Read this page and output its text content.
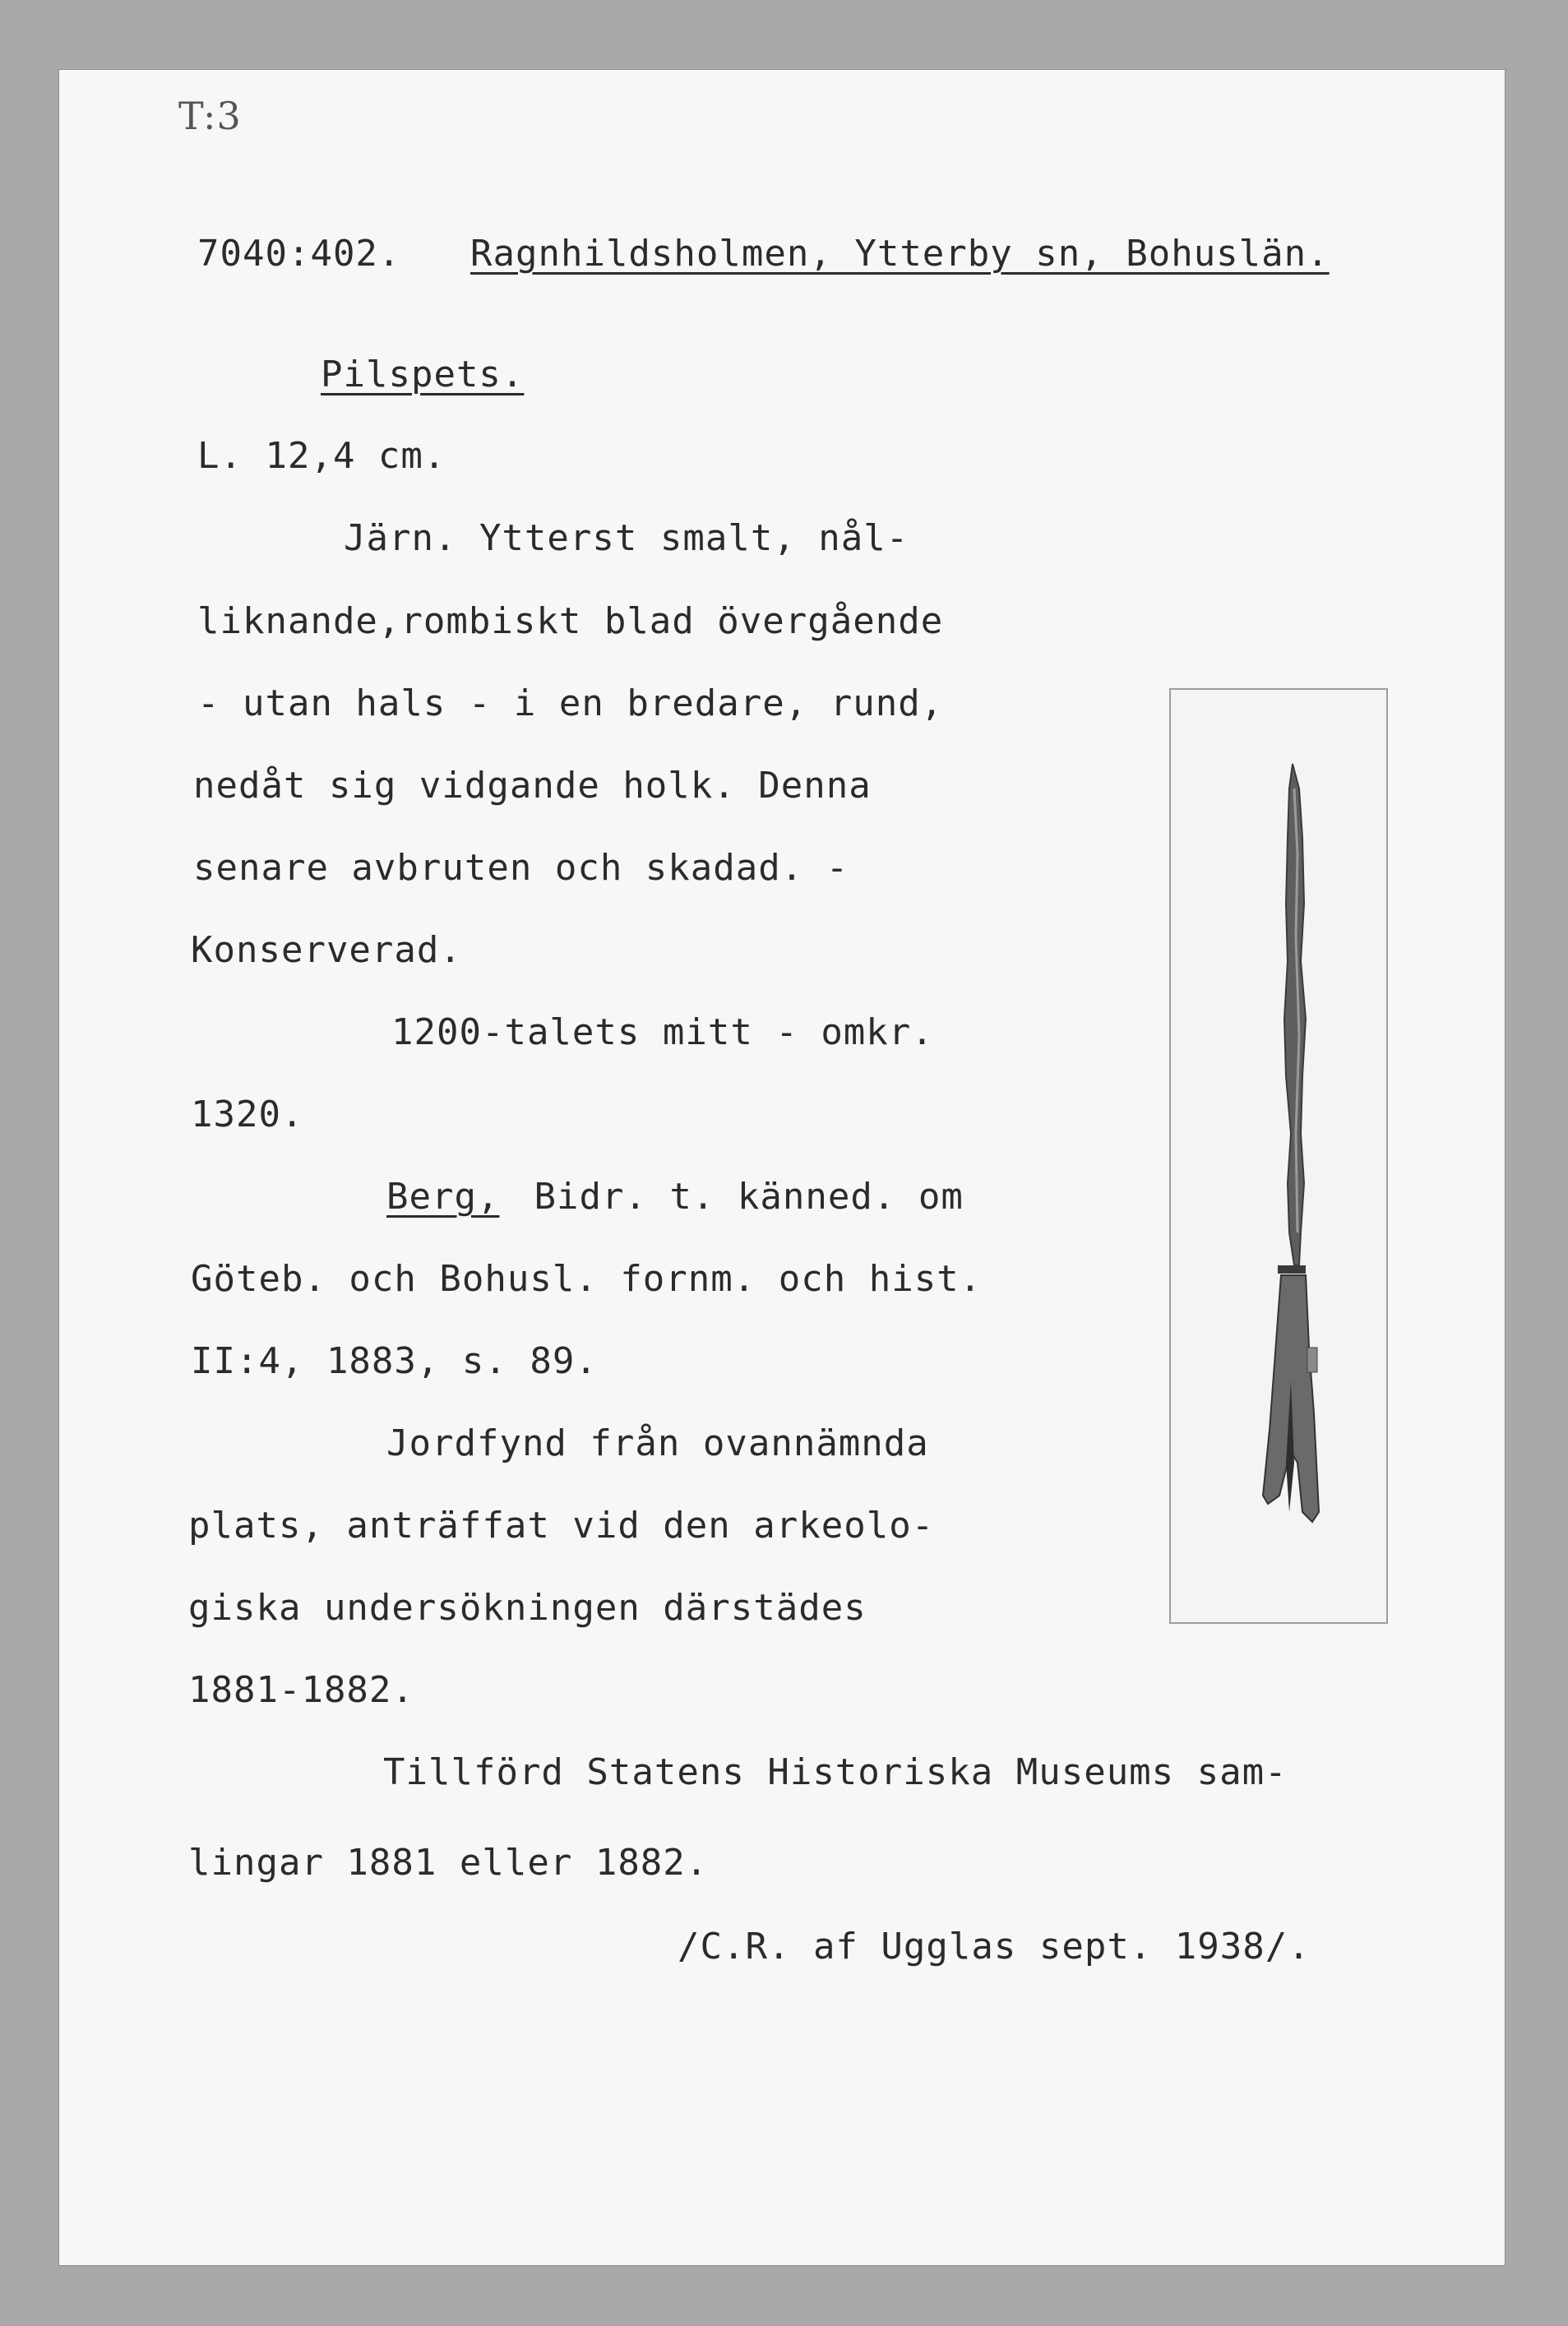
T:3
7040:402. Ragnhildsholmen, Ytterby sn, Bohuslän.
Pilspets.
L. 12,4 cm.
Järn. Ytterst smalt, nål-
liknande,rombiskt blad övergående
- utan hals - i en bredare, rund,
nedåt sig vidgande holk. Denna
senare avbruten och skadad. -
Konserverad.
1200-talets mitt - omkr.
1320.
Berg, Bidr. t. känned. om
Göteb. och Bohusl. fornm. och hist.
II:4, 1883, s. 89.
Jordfynd från ovannämnda
plats, anträffat vid den arkeolo-
giska undersökningen därstädes
1881-1882.
Tillförd Statens Historiska Museums sam-
lingar 1881 eller 1882.
/C.R. af Ugglas sept. 1938/.
